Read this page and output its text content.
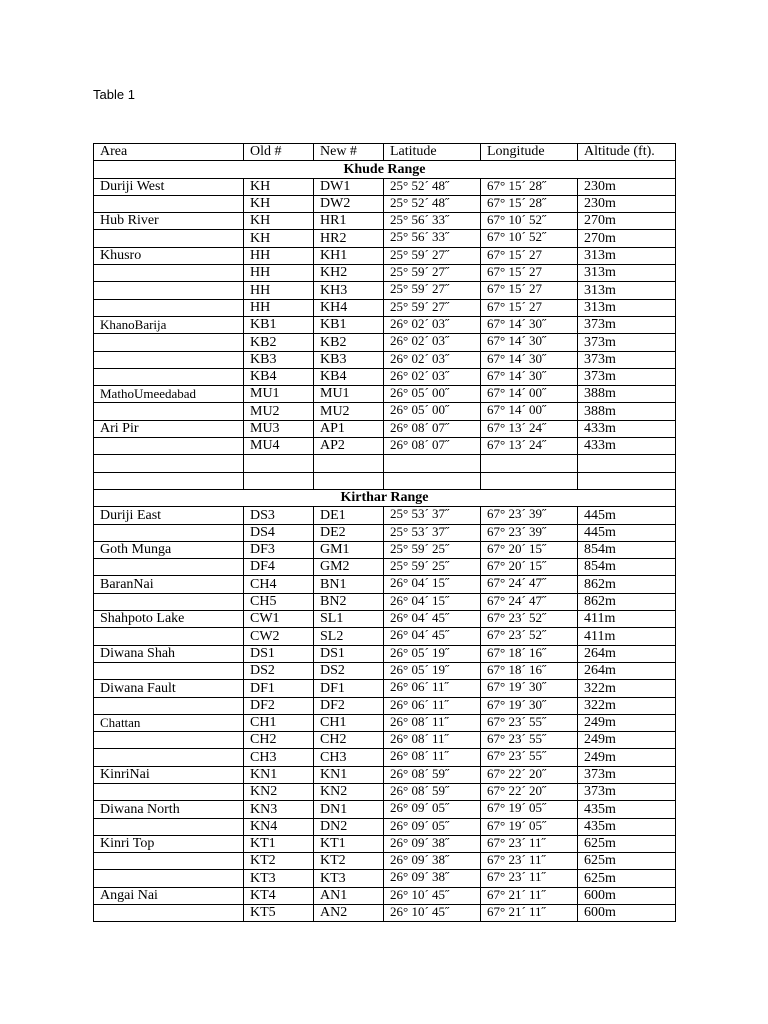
Table 1
Area	Old #	New #	Latitude	Longitude	Altitude (ft).
Khude Range					
Duriji West	KH	DW1	25° 52´ 48˝	67° 15´ 28˝	230m
	KH	DW2	25° 52´ 48˝	67° 15´ 28˝	230m
Hub River	KH	HR1	25° 56´ 33˝	67° 10´ 52˝	270m
	KH	HR2	25° 56´ 33˝	67° 10´ 52˝	270m
Khusro	HH	KH1	25° 59´ 27˝	67° 15´ 27	313m
	HH	KH2	25° 59´ 27˝	67° 15´ 27	313m
	HH	KH3	25° 59´ 27˝	67° 15´ 27	313m
	HH	KH4	25° 59´ 27˝	67° 15´ 27	313m
KhanoBarija	KB1	KB1	26° 02´ 03˝	67° 14´ 30˝	373m
	KB2	KB2	26° 02´ 03˝	67° 14´ 30˝	373m
	KB3	KB3	26° 02´ 03˝	67° 14´ 30˝	373m
	KB4	KB4	26° 02´ 03˝	67° 14´ 30˝	373m
MathoUmeedabad	MU1	MU1	26° 05´ 00˝	67° 14´ 00˝	388m
	MU2	MU2	26° 05´ 00˝	67° 14´ 00˝	388m
Ari Pir	MU3	AP1	26° 08´ 07˝	67° 13´ 24˝	433m
	MU4	AP2	26° 08´ 07˝	67° 13´ 24˝	433m

Kirthar Range					
Duriji East	DS3	DE1	25° 53´ 37˝	67° 23´ 39˝	445m
	DS4	DE2	25° 53´ 37˝	67° 23´ 39˝	445m
Goth Munga	DF3	GM1	25° 59´ 25˝	67° 20´ 15˝	854m
	DF4	GM2	25° 59´ 25˝	67° 20´ 15˝	854m
BaranNai	CH4	BN1	26° 04´ 15˝	67° 24´ 47˝	862m
	CH5	BN2	26° 04´ 15˝	67° 24´ 47˝	862m
Shahpoto Lake	CW1	SL1	26° 04´ 45˝	67° 23´ 52˝	411m
	CW2	SL2	26° 04´ 45˝	67° 23´ 52˝	411m
Diwana Shah	DS1	DS1	26° 05´ 19˝	67° 18´ 16˝	264m
	DS2	DS2	26° 05´ 19˝	67° 18´ 16˝	264m
Diwana Fault	DF1	DF1	26° 06´ 11˝	67° 19´ 30˝	322m
	DF2	DF2	26° 06´ 11˝	67° 19´ 30˝	322m
Chattan	CH1	CH1	26° 08´ 11˝	67° 23´ 55˝	249m
	CH2	CH2	26° 08´ 11˝	67° 23´ 55˝	249m
	CH3	CH3	26° 08´ 11˝	67° 23´ 55˝	249m
KinriNai	KN1	KN1	26° 08´ 59˝	67° 22´ 20˝	373m
	KN2	KN2	26° 08´ 59˝	67° 22´ 20˝	373m
Diwana North	KN3	DN1	26° 09´ 05˝	67° 19´ 05˝	435m
	KN4	DN2	26° 09´ 05˝	67° 19´ 05˝	435m
Kinri Top	KT1	KT1	26° 09´ 38˝	67° 23´ 11˝	625m
	KT2	KT2	26° 09´ 38˝	67° 23´ 11˝	625m
	KT3	KT3	26° 09´ 38˝	67° 23´ 11˝	625m
Angai Nai	KT4	AN1	26° 10´ 45˝	67° 21´ 11˝	600m
	KT5	AN2	26° 10´ 45˝	67° 21´ 11˝	600m
